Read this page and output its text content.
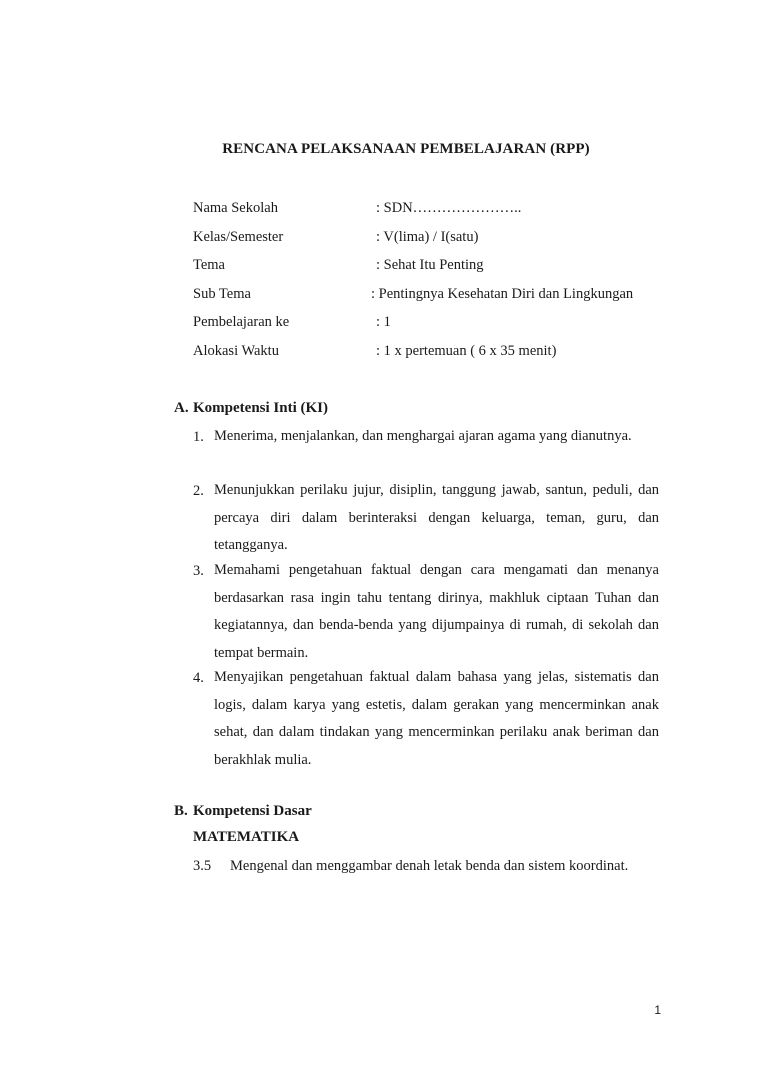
RENCANA PELAKSANAAN PEMBELAJARAN (RPP)
Nama Sekolah	: SDN…………………..
Kelas/Semester	: V(lima) / I(satu)
Tema	: Sehat Itu Penting
Sub Tema	: Pentingnya Kesehatan Diri dan Lingkungan
Pembelajaran ke	: 1
Alokasi Waktu	: 1 x pertemuan ( 6 x 35 menit)
A. Kompetensi Inti (KI)
1. Menerima, menjalankan, dan menghargai ajaran agama yang dianutnya.
2. Menunjukkan perilaku jujur, disiplin, tanggung jawab, santun, peduli, dan percaya diri dalam berinteraksi dengan keluarga, teman, guru, dan tetangganya.
3. Memahami pengetahuan faktual dengan cara mengamati dan menanya berdasarkan rasa ingin tahu tentang dirinya, makhluk ciptaan Tuhan dan kegiatannya, dan benda-benda yang dijumpainya di rumah, di sekolah dan tempat bermain.
4. Menyajikan pengetahuan faktual dalam bahasa yang jelas, sistematis dan logis, dalam karya yang estetis, dalam gerakan yang mencerminkan anak sehat, dan dalam tindakan yang mencerminkan perilaku anak beriman dan berakhlak mulia.
B. Kompetensi Dasar
MATEMATIKA
3.5 Mengenal dan menggambar denah letak benda dan sistem koordinat.
1
